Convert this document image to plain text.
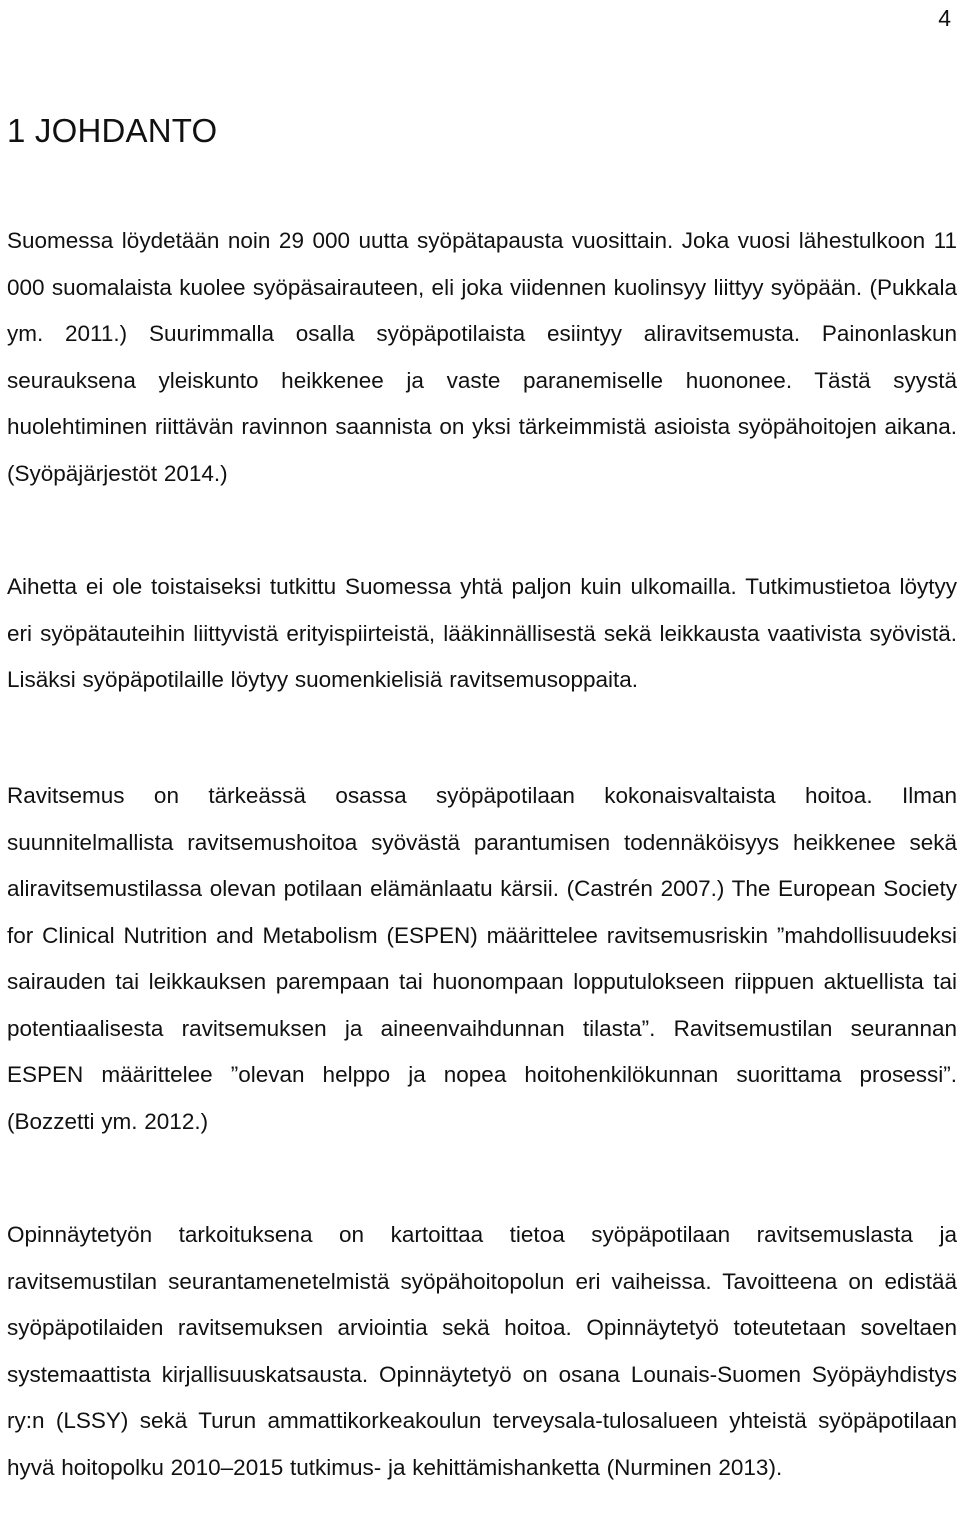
4
1 JOHDANTO

Suomessa löydetään noin 29 000 uutta syöpätapausta vuosittain. Joka vuosi lähestulkoon 11 000 suomalaista kuolee syöpäsairauteen, eli joka viidennen kuolinsyy liittyy syöpään. (Pukkala ym. 2011.) Suurimmalla osalla syöpäpotilaista esiintyy aliravitsemusta. Painonlaskun seurauksena yleiskunto heikkenee ja vaste paranemiselle huononee. Tästä syystä huolehtiminen riittävän ravinnon saannista on yksi tärkeimmistä asioista syöpähoitojen aikana. (Syöpäjärjestöt 2014.)

Aihetta ei ole toistaiseksi tutkittu Suomessa yhtä paljon kuin ulkomailla. Tutkimustietoa löytyy eri syöpätauteihin liittyvistä erityispiirteistä, lääkinnällisestä sekä leikkausta vaativista syövistä. Lisäksi syöpäpotilaille löytyy suomenkielisiä ravitsemusoppaita.

Ravitsemus on tärkeässä osassa syöpäpotilaan kokonaisvaltaista hoitoa. Ilman suunnitelmallista ravitsemushoitoa syövästä parantumisen todennäköisyys heikkenee sekä aliravitsemustilassa olevan potilaan elämänlaatu kärsii. (Castrén 2007.) The European Society for Clinical Nutrition and Metabolism (ESPEN) määrittelee ravitsemusriskin ”mahdollisuudeksi sairauden tai leikkauksen parempaan tai huonompaan lopputulokseen riippuen aktuellista tai potentiaalisesta ravitsemuksen ja aineenvaihdunnan tilasta”. Ravitsemustilan seurannan ESPEN määrittelee ”olevan helppo ja nopea hoitohenkilökunnan suorittama prosessi”. (Bozzetti ym. 2012.)

Opinnäytetyön tarkoituksena on kartoittaa tietoa syöpäpotilaan ravitsemuslasta ja ravitsemustilan seurantamenetelmistä syöpähoitopolun eri vaiheissa. Tavoitteena on edistää syöpäpotilaiden ravitsemuksen arviointia sekä hoitoa. Opinnäytetyö toteutetaan soveltaen systemaattista kirjallisuuskatsausta. Opinnäytetyö on osana Lounais-Suomen Syöpäyhdistys ry:n (LSSY) sekä Turun ammattikorkeakoulun terveysala-tulosalueen yhteistä syöpäpotilaan hyvä hoitopolku 2010–2015 tutkimus- ja kehittämishanketta (Nurminen 2013).
